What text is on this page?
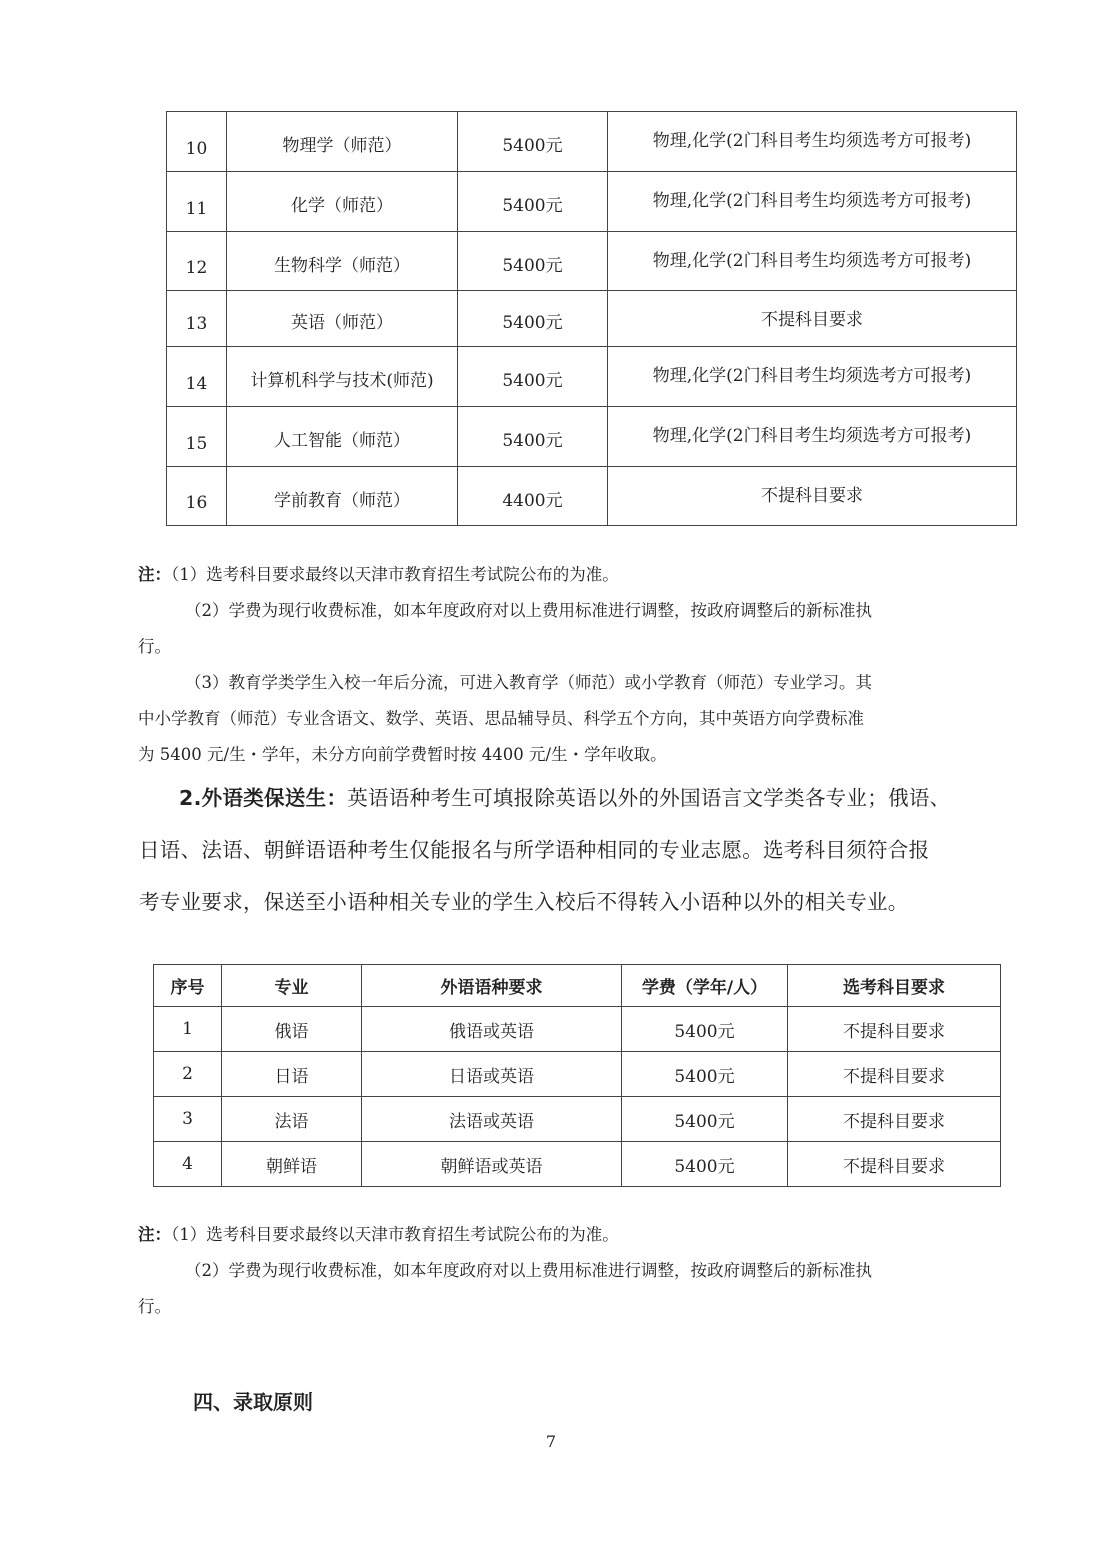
10	物理学（师范）	5400元	物理,化学(2门科目考生均须选考方可报考)
11	化学（师范）	5400元	物理,化学(2门科目考生均须选考方可报考)
12	生物科学（师范）	5400元	物理,化学(2门科目考生均须选考方可报考)
13	英语（师范）	5400元	不提科目要求
14	计算机科学与技术(师范)	5400元	物理,化学(2门科目考生均须选考方可报考)
15	人工智能（师范）	5400元	物理,化学(2门科目考生均须选考方可报考)
16	学前教育（师范）	4400元	不提科目要求
注：（1）选考科目要求最终以天津市教育招生考试院公布的为准。
（2）学费为现行收费标准，如本年度政府对以上费用标准进行调整，按政府调整后的新标准执
行。
（3）教育学类学生入校一年后分流，可进入教育学（师范）或小学教育（师范）专业学习。其
中小学教育（师范）专业含语文、数学、英语、思品辅导员、科学五个方向，其中英语方向学费标准
为 5400 元/生・学年，未分方向前学费暂时按 4400 元/生・学年收取。
2.外语类保送生：英语语种考生可填报除英语以外的外国语言文学类各专业；俄语、
日语、法语、朝鲜语语种考生仅能报名与所学语种相同的专业志愿。选考科目须符合报
考专业要求，保送至小语种相关专业的学生入校后不得转入小语种以外的相关专业。
序号	专业	外语语种要求	学费（学年/人）	选考科目要求
1	俄语	俄语或英语	5400元	不提科目要求
2	日语	日语或英语	5400元	不提科目要求
3	法语	法语或英语	5400元	不提科目要求
4	朝鲜语	朝鲜语或英语	5400元	不提科目要求
注：（1）选考科目要求最终以天津市教育招生考试院公布的为准。
（2）学费为现行收费标准，如本年度政府对以上费用标准进行调整，按政府调整后的新标准执
行。
四、录取原则
7
